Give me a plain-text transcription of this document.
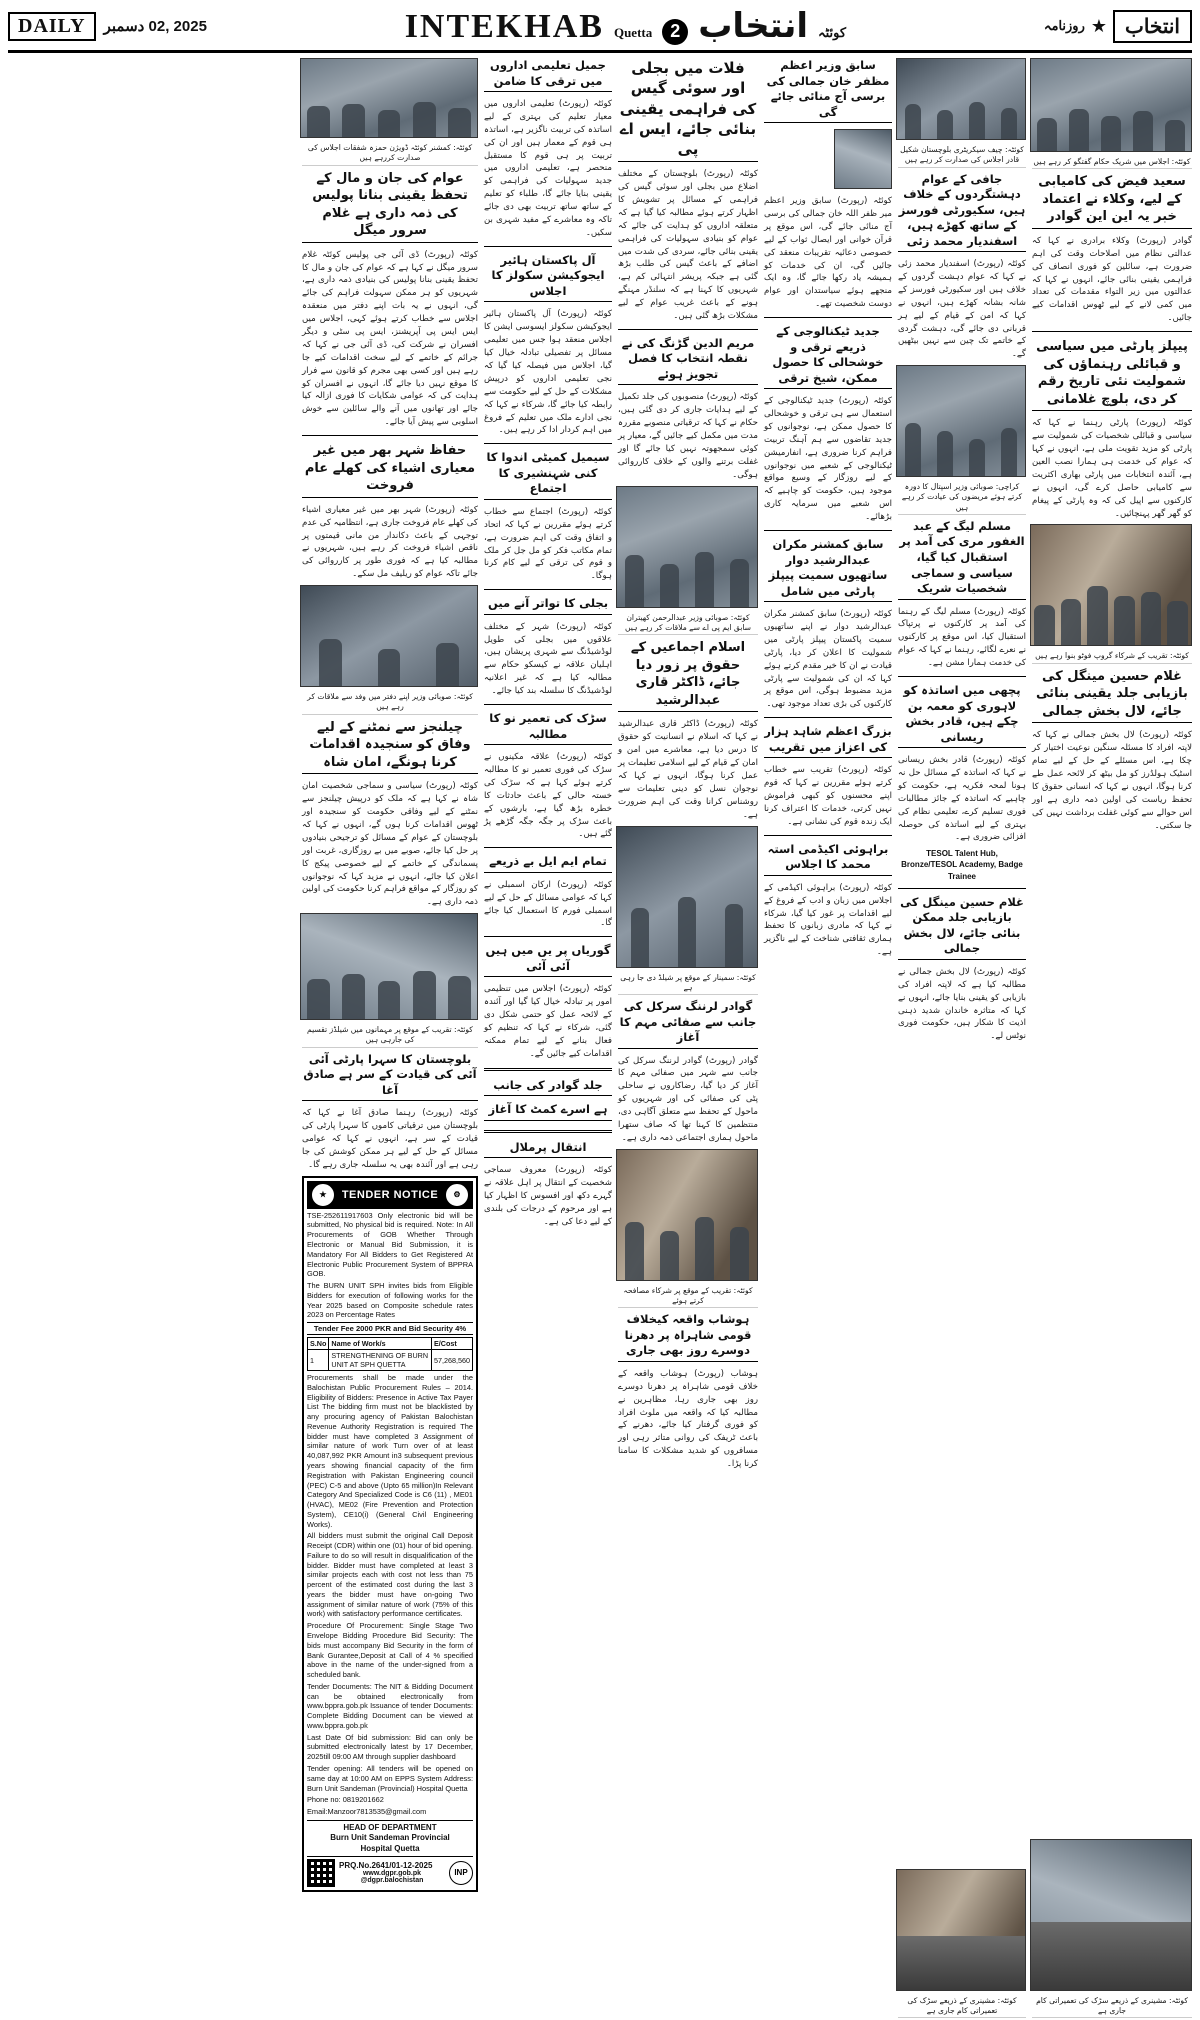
DAILY	2025 ,02 دسمبر	INTEKHAB Quetta 2 انتخاب کوئٹہ	روزنامہ ★ انتخاب
کوئٹہ: اجلاس میں شریک حکام گفتگو کر رہے ہیں
سعید فیض کی کامیابی کے لیے، وکلاء نے اعتماد خبر یہ این این گوادر
گوادر (رپورٹ) وکلاء برادری نے کہا کہ عدالتی نظام میں اصلاحات وقت کی اہم ضرورت ہے، سائلین کو فوری انصاف کی فراہمی یقینی بنائی جائے، انہوں نے کہا کہ عدالتوں میں زیر التواء مقدمات کی تعداد میں کمی لانے کے لیے ٹھوس اقدامات کیے جائیں۔
پیپلز پارٹی میں سیاسی و قبائلی رہنماؤں کی شمولیت نئی تاریخ رقم کر دی، بلوچ غلامانی
کوئٹہ (رپورٹ) پارٹی رہنما نے کہا کہ سیاسی و قبائلی شخصیات کی شمولیت سے پارٹی کو مزید تقویت ملی ہے، انہوں نے کہا کہ عوام کی خدمت ہی ہمارا نصب العین ہے، آئندہ انتخابات میں پارٹی بھاری اکثریت سے کامیابی حاصل کرے گی، انہوں نے کارکنوں سے اپیل کی کہ وہ پارٹی کے پیغام کو گھر گھر پہنچائیں۔
کوئٹہ: تقریب کے شرکاء گروپ فوٹو بنوا رہے ہیں
غلام حسین مینگل کی بازیابی جلد یقینی بنائی جائے، لال بخش جمالی
کوئٹہ (رپورٹ) لال بخش جمالی نے کہا کہ لاپتہ افراد کا مسئلہ سنگین نوعیت اختیار کر چکا ہے، اس مسئلے کے حل کے لیے تمام اسٹیک ہولڈرز کو مل بیٹھ کر لائحہ عمل طے کرنا ہوگا، انہوں نے کہا کہ انسانی حقوق کا تحفظ ریاست کی اولین ذمہ داری ہے اور اس حوالے سے کوئی غفلت برداشت نہیں کی جا سکتی۔
کوئٹہ: مشینری کے ذریعے سڑک کی تعمیراتی کام جاری ہے
کوئٹہ: چیف سیکریٹری بلوچستان شکیل قادر اجلاس کی صدارت کر رہے ہیں
جافی کے عوام دہشتگردوں کے خلاف ہیں، سکیورٹی فورسز کے ساتھ کھڑے ہیں، اسفندیار محمد زئی
کوئٹہ (رپورٹ) اسفندیار محمد زئی نے کہا کہ عوام دہشت گردوں کے خلاف ہیں اور سکیورٹی فورسز کے شانہ بشانہ کھڑے ہیں، انہوں نے کہا کہ امن کے قیام کے لیے ہر قربانی دی جائے گی، دہشت گردی کے خاتمے تک چین سے نہیں بیٹھیں گے۔
کراچی: صوبائی وزیر اسپتال کا دورہ کرتے ہوئے مریضوں کی عیادت کر رہے ہیں
مسلم لیگ کے عبد الغفور مری کی آمد پر استقبال کیا گیا، سیاسی و سماجی شخصیات شریک
کوئٹہ (رپورٹ) مسلم لیگ کے رہنما کی آمد پر کارکنوں نے پرتپاک استقبال کیا، اس موقع پر کارکنوں نے نعرے لگائے، رہنما نے کہا کہ عوام کی خدمت ہمارا مشن ہے۔
پچھی میں اساتذہ کو لاہوری کو معمہ بن چکے ہیں، قادر بخش ریسانی
کوئٹہ (رپورٹ) قادر بخش ریسانی نے کہا کہ اساتذہ کے مسائل حل نہ ہونا لمحہ فکریہ ہے، حکومت کو چاہیے کہ اساتذہ کے جائز مطالبات فوری تسلیم کرے، تعلیمی نظام کی بہتری کے لیے اساتذہ کی حوصلہ افزائی ضروری ہے۔
TESOL Talent Hub, Bronze/TESOL Academy, Badge Trainee
غلام حسین مینگل کی بازیابی جلد ممکن بنائی جائے، لال بخش جمالی
کوئٹہ (رپورٹ) لال بخش جمالی نے مطالبہ کیا ہے کہ لاپتہ افراد کی بازیابی کو یقینی بنایا جائے، انہوں نے کہا کہ متاثرہ خاندان شدید ذہنی اذیت کا شکار ہیں، حکومت فوری نوٹس لے۔
کوئٹہ: مشینری کے ذریعے سڑک کی تعمیراتی کام جاری ہے
سابق وزیر اعظم مظفر خان جمالی کی برسی آج منائی جائے گی
کوئٹہ (رپورٹ) سابق وزیر اعظم میر ظفر اللہ خان جمالی کی برسی آج منائی جائے گی، اس موقع پر قرآن خوانی اور ایصال ثواب کے لیے خصوصی دعائیہ تقریبات منعقد کی جائیں گی، ان کی خدمات کو ہمیشہ یاد رکھا جائے گا، وہ ایک منجھے ہوئے سیاستدان اور عوام دوست شخصیت تھے۔
جدید ٹیکنالوجی کے ذریعے ترقی و خوشحالی کا حصول ممکن، شیخ ترقی
کوئٹہ (رپورٹ) جدید ٹیکنالوجی کے استعمال سے ہی ترقی و خوشحالی کا حصول ممکن ہے، نوجوانوں کو جدید تقاضوں سے ہم آہنگ تربیت فراہم کرنا ضروری ہے، انفارمیشن ٹیکنالوجی کے شعبے میں نوجوانوں کے لیے روزگار کے وسیع مواقع موجود ہیں، حکومت کو چاہیے کہ اس شعبے میں سرمایہ کاری بڑھائے۔
سابق کمشنر مکران عبدالرشید دوار ساتھیوں سمیت پیپلز پارٹی میں شامل
کوئٹہ (رپورٹ) سابق کمشنر مکران عبدالرشید دوار نے اپنے ساتھیوں سمیت پاکستان پیپلز پارٹی میں شمولیت کا اعلان کر دیا، پارٹی قیادت نے ان کا خیر مقدم کرتے ہوئے کہا کہ ان کی شمولیت سے پارٹی مزید مضبوط ہوگی، اس موقع پر کارکنوں کی بڑی تعداد موجود تھی۔
بزرگ اعظم شاہد ہزار کی اعزاز میں تقریب
کوئٹہ (رپورٹ) تقریب سے خطاب کرتے ہوئے مقررین نے کہا کہ قوم اپنے محسنوں کو کبھی فراموش نہیں کرتی، خدمات کا اعتراف کرنا ایک زندہ قوم کی نشانی ہے۔
براہوئی اکیڈمی استہ محمد کا اجلاس
کوئٹہ (رپورٹ) براہوئی اکیڈمی کے اجلاس میں زبان و ادب کے فروغ کے لیے اقدامات پر غور کیا گیا، شرکاء نے کہا کہ مادری زبانوں کا تحفظ ہماری ثقافتی شناخت کے لیے ناگزیر ہے۔
فلات میں بجلی اور سوئی گیس کی فراہمی یقینی بنائی جائے، ایس اے پی
کوئٹہ (رپورٹ) بلوچستان کے مختلف اضلاع میں بجلی اور سوئی گیس کی فراہمی کے مسائل پر تشویش کا اظہار کرتے ہوئے مطالبہ کیا گیا ہے کہ متعلقہ اداروں کو ہدایت کی جائے کہ عوام کو بنیادی سہولیات کی فراہمی یقینی بنائی جائے، سردی کی شدت میں اضافے کے باعث گیس کی طلب بڑھ گئی ہے جبکہ پریشر انتہائی کم ہے، شہریوں کا کہنا ہے کہ سلنڈر مہنگے ہونے کے باعث غریب عوام کے لیے مشکلات بڑھ گئی ہیں۔
مریم الدین گڑنگ کی نے نقطہ انتخاب کا فصل تجویز ہوئے
کوئٹہ (رپورٹ) منصوبوں کی جلد تکمیل کے لیے ہدایات جاری کر دی گئی ہیں، حکام نے کہا کہ ترقیاتی منصوبے مقررہ مدت میں مکمل کیے جائیں گے، معیار پر کوئی سمجھوتہ نہیں کیا جائے گا اور غفلت برتنے والوں کے خلاف کارروائی ہوگی۔
کوئٹہ: صوبائی وزیر عبدالرحمن کھیتران سابق ایم پی اے سے ملاقات کر رہے ہیں
اسلام اجماعیں کے حقوق پر زور دیا جائے، ڈاکٹر قاری عبدالرشید
کوئٹہ (رپورٹ) ڈاکٹر قاری عبدالرشید نے کہا کہ اسلام نے انسانیت کو حقوق کا درس دیا ہے، معاشرے میں امن و امان کے قیام کے لیے اسلامی تعلیمات پر عمل کرنا ہوگا، انہوں نے کہا کہ نوجوان نسل کو دینی تعلیمات سے روشناس کرانا وقت کی اہم ضرورت ہے۔
کوئٹہ: سمینار کے موقع پر شیلڈ دی جا رہی ہے
گوادر لرننگ سرکل کی جانب سے صفائی مہم کا آغاز
گوادر (رپورٹ) گوادر لرننگ سرکل کی جانب سے شہر میں صفائی مہم کا آغاز کر دیا گیا، رضاکاروں نے ساحلی پٹی کی صفائی کی اور شہریوں کو ماحول کے تحفظ سے متعلق آگاہی دی، منتظمین کا کہنا تھا کہ صاف ستھرا ماحول ہماری اجتماعی ذمہ داری ہے۔
کوئٹہ: تقریب کے موقع پر شرکاء مصافحہ کرتے ہوئے
ہوشاب واقعہ کیخلاف قومی شاہراہ پر دھرنا دوسرے روز بھی جاری
ہوشاب (رپورٹ) ہوشاب واقعہ کے خلاف قومی شاہراہ پر دھرنا دوسرے روز بھی جاری رہا، مظاہرین نے مطالبہ کیا کہ واقعہ میں ملوث افراد کو فوری گرفتار کیا جائے، دھرنے کے باعث ٹریفک کی روانی متاثر رہی اور مسافروں کو شدید مشکلات کا سامنا کرنا پڑا۔
جمیل تعلیمی اداروں میں ترقی کا ضامن
کوئٹہ (رپورٹ) تعلیمی اداروں میں معیار تعلیم کی بہتری کے لیے اساتذہ کی تربیت ناگزیر ہے، اساتذہ ہی قوم کے معمار ہیں اور ان کی تربیت پر ہی قوم کا مستقبل منحصر ہے، تعلیمی اداروں میں جدید سہولیات کی فراہمی کو یقینی بنایا جائے گا، طلباء کو تعلیم کے ساتھ ساتھ تربیت بھی دی جائے تاکہ وہ معاشرے کے مفید شہری بن سکیں۔
آل پاکستان ہائیر ایجوکیشن سکولز کا اجلاس
کوئٹہ (رپورٹ) آل پاکستان ہائیر ایجوکیشن سکولز ایسوسی ایشن کا اجلاس منعقد ہوا جس میں تعلیمی مسائل پر تفصیلی تبادلہ خیال کیا گیا، اجلاس میں فیصلہ کیا گیا کہ نجی تعلیمی اداروں کو درپیش مشکلات کے حل کے لیے حکومت سے رابطہ کیا جائے گا، شرکاء نے کہا کہ نجی ادارے ملک میں تعلیم کے فروغ میں اہم کردار ادا کر رہے ہیں۔
سیمیل کمیٹی اندوا کا کنی شہنشیری کا اجتماع
کوئٹہ (رپورٹ) اجتماع سے خطاب کرتے ہوئے مقررین نے کہا کہ اتحاد و اتفاق وقت کی اہم ضرورت ہے، تمام مکاتب فکر کو مل جل کر ملک و قوم کی ترقی کے لیے کام کرنا ہوگا۔
بجلی کا تواتر آنے میں
کوئٹہ (رپورٹ) شہر کے مختلف علاقوں میں بجلی کی طویل لوڈشیڈنگ سے شہری پریشان ہیں، اہلیان علاقہ نے کیسکو حکام سے مطالبہ کیا ہے کہ غیر اعلانیہ لوڈشیڈنگ کا سلسلہ بند کیا جائے۔
سڑک کی تعمیر نو کا مطالبہ
کوئٹہ (رپورٹ) علاقہ مکینوں نے سڑک کی فوری تعمیر نو کا مطالبہ کرتے ہوئے کہا ہے کہ سڑک کی خستہ حالی کے باعث حادثات کا خطرہ بڑھ گیا ہے، بارشوں کے باعث سڑک پر جگہ جگہ گڑھے پڑ گئے ہیں۔
تمام ایم ایل بے ذریعے
کوئٹہ (رپورٹ) ارکان اسمبلی نے کہا کہ عوامی مسائل کے حل کے لیے اسمبلی فورم کا استعمال کیا جائے گا۔
گوریاں پر یں میں ہیں آئی آئی
کوئٹہ (رپورٹ) اجلاس میں تنظیمی امور پر تبادلہ خیال کیا گیا اور آئندہ کے لائحہ عمل کو حتمی شکل دی گئی، شرکاء نے کہا کہ تنظیم کو فعال بنانے کے لیے تمام ممکنہ اقدامات کیے جائیں گے۔
جلد گوادر کی جانب
ہے اسرے کمٹ کا آغاز
انتقال پرملال
کوئٹہ (رپورٹ) معروف سماجی شخصیت کے انتقال پر اہل علاقہ نے گہرے دکھ اور افسوس کا اظہار کیا ہے اور مرحوم کے درجات کی بلندی کے لیے دعا کی ہے۔
کوئٹہ: کمشنر کوئٹہ ڈویژن حمزہ شفقات اجلاس کی صدارت کررہے ہیں
عوام کی جان و مال کے تحفظ یقینی بنانا پولیس کی ذمہ داری ہے غلام سرور میگل
کوئٹہ (رپورٹ) ڈی آئی جی پولیس کوئٹہ غلام سرور میگل نے کہا ہے کہ عوام کی جان و مال کا تحفظ یقینی بنانا پولیس کی بنیادی ذمہ داری ہے، شہریوں کو ہر ممکن سہولت فراہم کی جائے گی، انہوں نے یہ بات اپنے دفتر میں منعقدہ اجلاس سے خطاب کرتے ہوئے کہی، اجلاس میں ایس ایس پی آپریشنز، ایس پی سٹی و دیگر افسران نے شرکت کی، ڈی آئی جی نے کہا کہ جرائم کے خاتمے کے لیے سخت اقدامات کیے جا رہے ہیں اور کسی بھی مجرم کو قانون سے فرار کا موقع نہیں دیا جائے گا، انہوں نے افسران کو ہدایت کی کہ عوامی شکایات کا فوری ازالہ کیا جائے اور تھانوں میں آنے والے سائلین سے خوش اسلوبی سے پیش آیا جائے۔
حفاظ شہر بھر میں غیر معیاری اشیاء کی کھلے عام فروخت
کوئٹہ (رپورٹ) شہر بھر میں غیر معیاری اشیاء کی کھلے عام فروخت جاری ہے، انتظامیہ کی عدم توجہی کے باعث دکاندار من مانی قیمتوں پر ناقص اشیاء فروخت کر رہے ہیں، شہریوں نے مطالبہ کیا ہے کہ فوری طور پر کارروائی کی جائے تاکہ عوام کو ریلیف مل سکے۔
کوئٹہ: صوبائی وزیر اپنے دفتر میں وفد سے ملاقات کر رہے ہیں
چیلنجز سے نمٹنے کے لیے وفاق کو سنجیدہ اقدامات کرنا ہونگے، امان شاہ
کوئٹہ (رپورٹ) سیاسی و سماجی شخصیت امان شاہ نے کہا ہے کہ ملک کو درپیش چیلنجز سے نمٹنے کے لیے وفاقی حکومت کو سنجیدہ اور ٹھوس اقدامات کرنا ہوں گے، انہوں نے کہا کہ بلوچستان کے عوام کے مسائل کو ترجیحی بنیادوں پر حل کیا جائے، صوبے میں بے روزگاری، غربت اور پسماندگی کے خاتمے کے لیے خصوصی پیکج کا اعلان کیا جائے، انہوں نے مزید کہا کہ نوجوانوں کو روزگار کے مواقع فراہم کرنا حکومت کی اولین ذمہ داری ہے۔
کوئٹہ: تقریب کے موقع پر مہمانوں میں شیلڈز تقسیم کی جارہی ہیں
بلوچستان کا سہرا پارٹی آئی آئی کی قیادت کے سر ہے صادق آغا
کوئٹہ (رپورٹ) رہنما صادق آغا نے کہا کہ بلوچستان میں ترقیاتی کاموں کا سہرا پارٹی کی قیادت کے سر ہے، انہوں نے کہا کہ عوامی مسائل کے حل کے لیے ہر ممکن کوشش کی جا رہی ہے اور آئندہ بھی یہ سلسلہ جاری رہے گا۔
★	TENDER NOTICE	⚙

TSE-252611917603 Only electronic bid will be submitted, No physical bid is required. Note: In All Procurements of GOB Whether Through Electronic or Manual Bid Submission, it is Mandatory For All Bidders to Get Registered At Electronic Public Procurement System of BPPRA GOB.

The BURN UNIT SPH invites bids from Eligible Bidders for execution of following works for the Year 2025 based on Composite schedule rates 2023 on Percentage Rates

Tender Fee 2000 PKR and Bid Security 4%
S.No	Name of Work/s	E/Cost
1	STRENGTHENING OF BURN UNIT AT SPH QUETTA	57,268,560

Procurements shall be made under the Balochistan Public Procurement Rules – 2014. Eligibility of Bidders: Presence in Active Tax Payer List The bidding firm must not be blacklisted by any procuring agency of Pakistan Balochistan Revenue Authority Registration is required The bidder must have completed 3 Assignment of similar nature of work Turn over of at least 40,087,992 PKR Amount in3 subsequent previous years showing financial capacity of the firm Registration with Pakistan Engineering council (PEC) C-5 and above (Upto 65 million)In Relevant Category And Specialized Code is C6 (11) , ME01 (HVAC), ME02 (Fire Prevention and Protection System), CE10(i) (General Civil Engineering Works).

All bidders must submit the original Call Deposit Receipt (CDR) within one (01) hour of bid opening. Failure to do so will result in disqualification of the bidder. Bidder must have completed at least 3 similar projects each with cost not less than 75 percent of the estimated cost during the last 3 years the bidder must have on-going Two assignment of similar nature of work (75% of this work) with satisfactory performance certificates.

Procedure Of Procurement: Single Stage Two Envelope Bidding Procedure Bid Security: The bids must accompany Bid Security in the form of Bank Gurantee,Deposit at Call of 4 % specified above in the name of the under-signed from a scheduled bank.

Tender Documents: The NIT & Bidding Document can be obtained electronically from www.bppra.gob.pk Issuance of tender Documents: Complete Bidding Document can be viewed at www.bppra.gob.pk

Last Date Of bid submission: Bid can only be submitted electronically latest by 17 December, 2025till 09:00 AM through supplier dashboard

Tender opening: All tenders will be opened on same day at 10:00 AM on EPPS System Address: Burn Unit Sandeman (Provincial) Hospital Quetta

Phone no: 0819201662

Email:Manzoor7813535@gmail.com

HEAD OF DEPARTMENT
Burn Unit Sandeman Provincial
Hospital Quetta
PRQ.No.2641/01-12-2025
www.dgpr.gob.pk
@dgpr.balochistan
INP
